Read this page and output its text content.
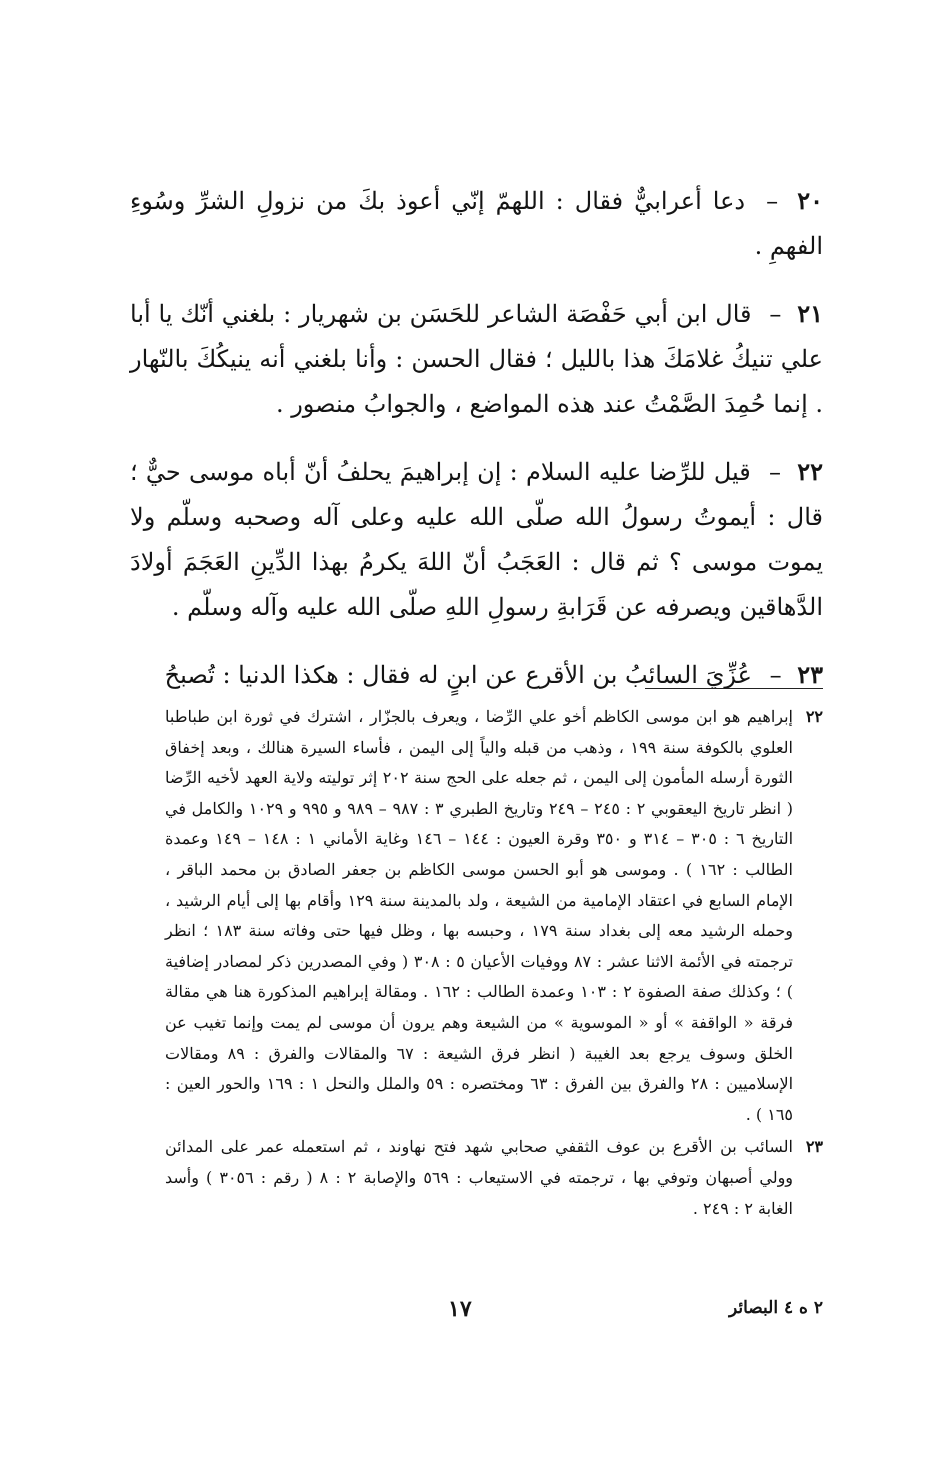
٢٠ – دعا أعرابيٌّ فقال : اللهمّ إنّي أعوذ بكَ من نزولِ الشرِّ وسُوءِ الفهمِ .

٢١ – قال ابن أبي حَفْصَة الشاعر للحَسَن بن شهريار : بلغني أنّك يا أبا علي تنيكُ غلامَكَ هذا بالليل ؛ فقال الحسن : وأنا بلغني أنه ينيكُكَ بالنّهار . إنما حُمِدَ الصَّمْتُ عند هذه المواضع ، والجوابُ منصور .

٢٢ – قيل للرِّضا عليه السلام : إن إبراهيمَ يحلفُ أنّ أباه موسى حيٌّ ؛ قال : أيموتُ رسولُ الله صلّى الله عليه وعلى آله وصحبه وسلّم ولا يموت موسى ؟ ثم قال : العَجَبُ أنّ اللهَ يكرمُ بهذا الدِّينِ العَجَمَ أولادَ الدَّهاقين ويصرفه عن قَرَابةِ رسولِ اللهِ صلّى الله عليه وآله وسلّم .

٢٣ – عُزِّيَ السائبُ بن الأقرع عن ابنٍ له فقال : هكذا الدنيا : تُصبحُ

٢٢
إبراهيم هو ابن موسى الكاظم أخو علي الرِّضا ، ويعرف بالجزّار ، اشترك في ثورة ابن طباطبا العلوي بالكوفة سنة ١٩٩ ، وذهب من قبله والياً إلى اليمن ، فأساء السيرة هنالك ، وبعد إخفاق الثورة أرسله المأمون إلى اليمن ، ثم جعله على الحج سنة ٢٠٢ إثر توليته ولاية العهد لأخيه الرِّضا ( انظر تاريخ اليعقوبي ٢ : ٢٤٥ – ٢٤٩ وتاريخ الطبري ٣ : ٩٨٧ – ٩٨٩ و ٩٩٥ و ١٠٢٩ والكامل في التاريخ ٦ : ٣٠٥ – ٣١٤ و ٣٥٠ وقرة العيون : ١٤٤ – ١٤٦ وغاية الأماني ١ : ١٤٨ – ١٤٩ وعمدة الطالب : ١٦٢ ) . وموسى هو أبو الحسن موسى الكاظم بن جعفر الصادق بن محمد الباقر ، الإمام السابع في اعتقاد الإمامية من الشيعة ، ولد بالمدينة سنة ١٢٩ وأقام بها إلى أيام الرشيد ، وحمله الرشيد معه إلى بغداد سنة ١٧٩ ، وحبسه بها ، وظل فيها حتى وفاته سنة ١٨٣ ؛ انظر ترجمته في الأئمة الاثنا عشر : ٨٧ ووفيات الأعيان ٥ : ٣٠٨ ( وفي المصدرين ذكر لمصادر إضافية ) ؛ وكذلك صفة الصفوة ٢ : ١٠٣ وعمدة الطالب : ١٦٢ . ومقالة إبراهيم المذكورة هنا هي مقالة فرقة « الواقفة » أو « الموسوية » من الشيعة وهم يرون أن موسى لم يمت وإنما تغيب عن الخلق وسوف يرجع بعد الغيبة ( انظر فرق الشيعة : ٦٧ والمقالات والفرق : ٨٩ ومقالات الإسلاميين : ٢٨ والفرق بين الفرق : ٦٣ ومختصره : ٥٩ والملل والنحل ١ : ١٦٩ والحور العين : ١٦٥ ) .
٢٣
السائب بن الأقرع بن عوف الثقفي صحابي شهد فتح نهاوند ، ثم استعمله عمر على المدائن وولي أصبهان وتوفي بها ، ترجمته في الاستيعاب : ٥٦٩ والإصابة ٢ : ٨ ( رقم : ٣٠٥٦ ) وأسد الغابة ٢ : ٢٤٩ .
٢ ه ٤ البصائر
١٧
